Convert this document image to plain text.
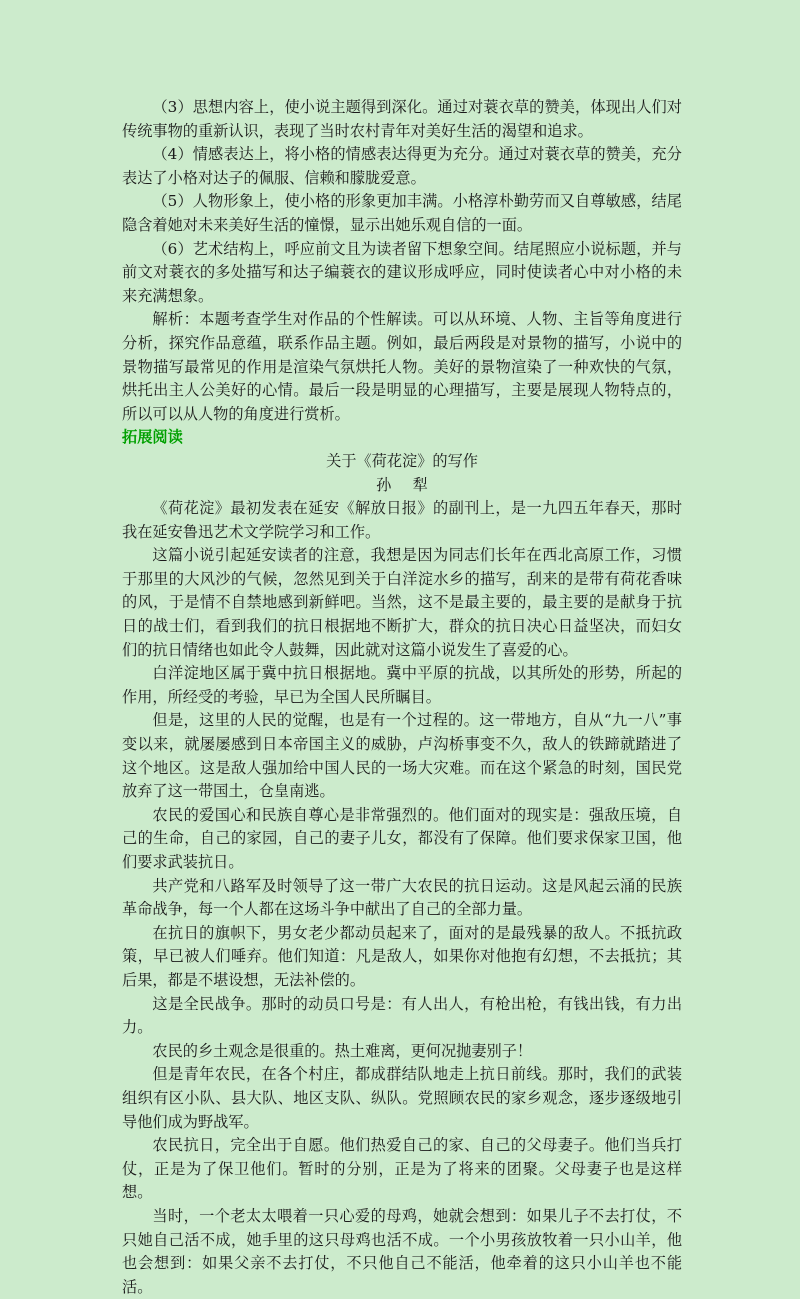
（3）思想内容上，使小说主题得到深化。通过对蓑衣草的赞美，体现出人们对传统事物的重新认识，表现了当时农村青年对美好生活的渴望和追求。

（4）情感表达上，将小格的情感表达得更为充分。通过对蓑衣草的赞美，充分表达了小格对达子的佩服、信赖和朦胧爱意。

（5）人物形象上，使小格的形象更加丰满。小格淳朴勤劳而又自尊敏感，结尾隐含着她对未来美好生活的憧憬，显示出她乐观自信的一面。

（6）艺术结构上，呼应前文且为读者留下想象空间。结尾照应小说标题，并与前文对蓑衣的多处描写和达子编蓑衣的建议形成呼应，同时使读者心中对小格的未来充满想象。

解析：本题考查学生对作品的个性解读。可以从环境、人物、主旨等角度进行分析，探究作品意蕴，联系作品主题。例如，最后两段是对景物的描写，小说中的景物描写最常见的作用是渲染气氛烘托人物。美好的景物渲染了一种欢快的气氛，烘托出主人公美好的心情。最后一段是明显的心理描写，主要是展现人物特点的，所以可以从人物的角度进行赏析。

拓展阅读

关于《荷花淀》的写作

孙犁

《荷花淀》最初发表在延安《解放日报》的副刊上，是一九四五年春天，那时我在延安鲁迅艺术文学院学习和工作。

这篇小说引起延安读者的注意，我想是因为同志们长年在西北高原工作，习惯于那里的大风沙的气候，忽然见到关于白洋淀水乡的描写，刮来的是带有荷花香味的风，于是情不自禁地感到新鲜吧。当然，这不是最主要的，最主要的是献身于抗日的战士们，看到我们的抗日根据地不断扩大，群众的抗日决心日益坚决，而妇女们的抗日情绪也如此令人鼓舞，因此就对这篇小说发生了喜爱的心。

白洋淀地区属于冀中抗日根据地。冀中平原的抗战，以其所处的形势，所起的作用，所经受的考验，早已为全国人民所瞩目。

但是，这里的人民的觉醒，也是有一个过程的。这一带地方，自从“九一八”事变以来，就屡屡感到日本帝国主义的威胁，卢沟桥事变不久，敌人的铁蹄就踏进了这个地区。这是敌人强加给中国人民的一场大灾难。而在这个紧急的时刻，国民党放弃了这一带国土，仓皇南逃。

农民的爱国心和民族自尊心是非常强烈的。他们面对的现实是：强敌压境，自己的生命，自己的家园，自己的妻子儿女，都没有了保障。他们要求保家卫国，他们要求武装抗日。

共产党和八路军及时领导了这一带广大农民的抗日运动。这是风起云涌的民族革命战争，每一个人都在这场斗争中献出了自己的全部力量。

在抗日的旗帜下，男女老少都动员起来了，面对的是最残暴的敌人。不抵抗政策，早已被人们唾弃。他们知道：凡是敌人，如果你对他抱有幻想，不去抵抗；其后果，都是不堪设想，无法补偿的。

这是全民战争。那时的动员口号是：有人出人，有枪出枪，有钱出钱，有力出力。

农民的乡土观念是很重的。热土难离，更何况抛妻别子！

但是青年农民，在各个村庄，都成群结队地走上抗日前线。那时，我们的武装组织有区小队、县大队、地区支队、纵队。党照顾农民的家乡观念，逐步逐级地引导他们成为野战军。

农民抗日，完全出于自愿。他们热爱自己的家、自己的父母妻子。他们当兵打仗，正是为了保卫他们。暂时的分别，正是为了将来的团聚。父母妻子也是这样想。

当时，一个老太太喂着一只心爱的母鸡，她就会想到：如果儿子不去打仗，不只她自己活不成，她手里的这只母鸡也活不成。一个小男孩放牧着一只小山羊，他也会想到：如果父亲不去打仗，不只他自己不能活，他牵着的这只小山羊也不能活。
